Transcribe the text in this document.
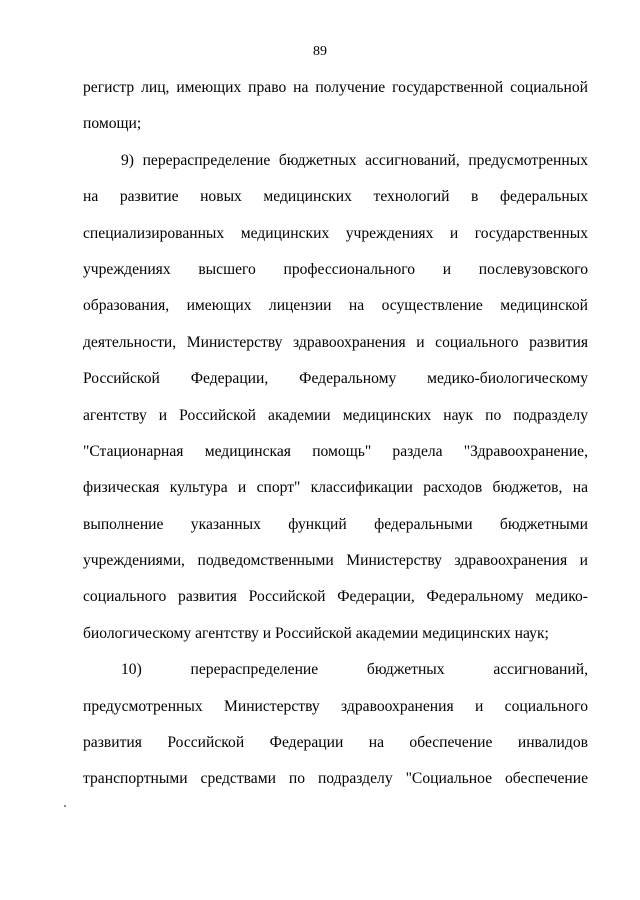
89
регистр лиц, имеющих право на получение государственной социальной
помощи;
9) перераспределение бюджетных ассигнований, предусмотренных
на развитие новых медицинских технологий в федеральных
специализированных медицинских учреждениях и государственных
учреждениях высшего профессионального и послевузовского
образования, имеющих лицензии на осуществление медицинской
деятельности, Министерству здравоохранения и социального развития
Российской Федерации, Федеральному медико-биологическому
агентству и Российской академии медицинских наук по подразделу
"Стационарная медицинская помощь" раздела "Здравоохранение,
физическая культура и спорт" классификации расходов бюджетов, на
выполнение указанных функций федеральными бюджетными
учреждениями, подведомственными Министерству здравоохранения и
социального развития Российской Федерации, Федеральному медико-
биологическому агентству и Российской академии медицинских наук;
10) перераспределение бюджетных ассигнований,
предусмотренных Министерству здравоохранения и социального
развития Российской Федерации на обеспечение инвалидов
транспортными средствами по подразделу "Социальное обеспечение
